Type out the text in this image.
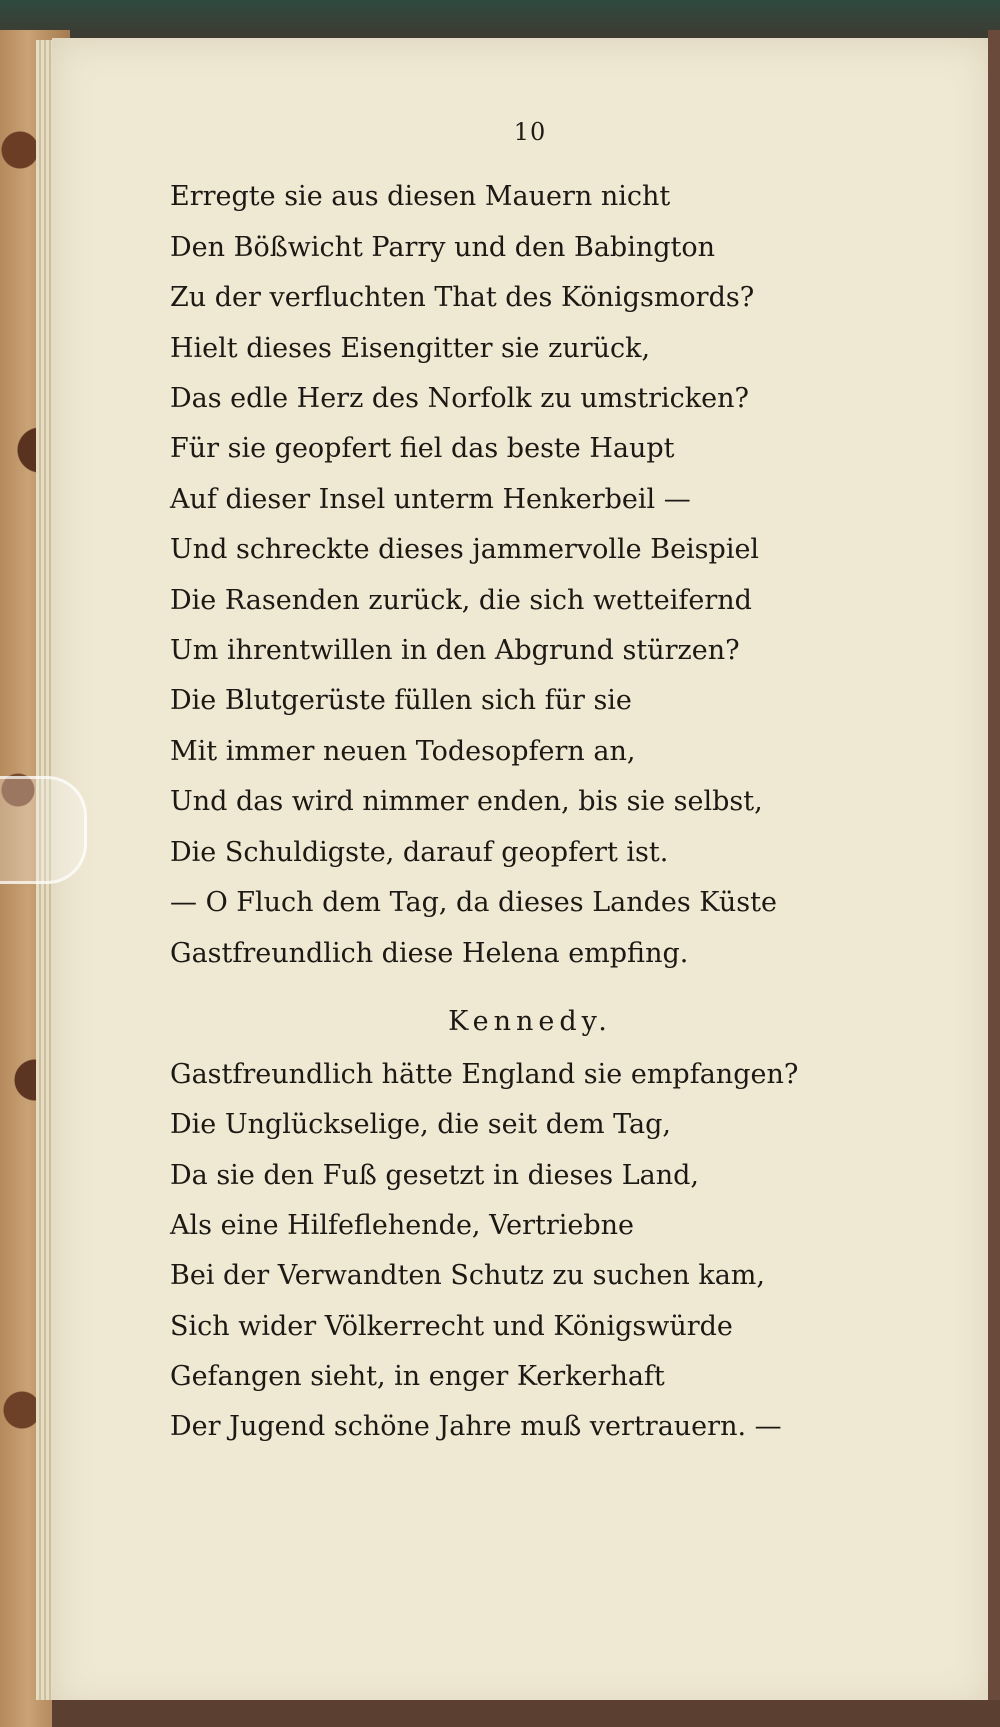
10
Erregte sie aus diesen Mauern nicht
Den Bößwicht Parry und den Babington
Zu der verfluchten That des Königsmords?
Hielt dieses Eisengitter sie zurück,
Das edle Herz des Norfolk zu umstricken?
Für sie geopfert fiel das beste Haupt
Auf dieser Insel unterm Henkerbeil —
Und schreckte dieses jammervolle Beispiel
Die Rasenden zurück, die sich wetteifernd
Um ihrentwillen in den Abgrund stürzen?
Die Blutgerüste füllen sich für sie
Mit immer neuen Todesopfern an,
Und das wird nimmer enden, bis sie selbst,
Die Schuldigste, darauf geopfert ist.
— O Fluch dem Tag, da dieses Landes Küste
Gastfreundlich diese Helena empfing.
Kennedy.
Gastfreundlich hätte England sie empfangen?
Die Unglückselige, die seit dem Tag,
Da sie den Fuß gesetzt in dieses Land,
Als eine Hilfeflehende, Vertriebne
Bei der Verwandten Schutz zu suchen kam,
Sich wider Völkerrecht und Königswürde
Gefangen sieht, in enger Kerkerhaft
Der Jugend schöne Jahre muß vertrauern. —
